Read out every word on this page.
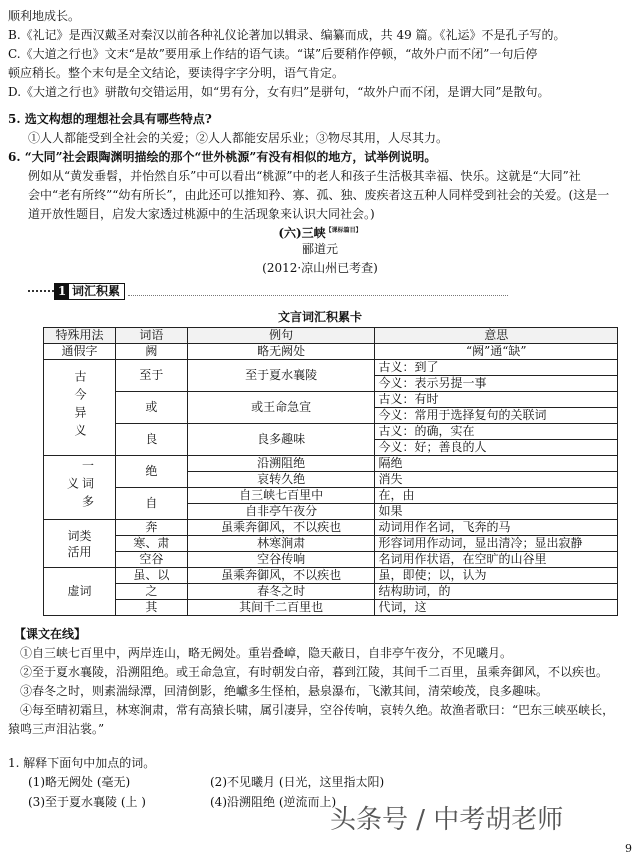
顺利地成长。
B.《礼记》是西汉戴圣对秦汉以前各种礼仪论著加以辑录、编纂而成，共 49 篇。《礼运》不是孔子写的。
C.《大道之行也》文末“是故”要用承上作结的语气读。“谋”后要稍作停顿，“故外户而不闭”一句后停
顿应稍长。整个末句是全文结论，要读得字字分明，语气肯定。
D.《大道之行也》骈散句交错运用，如“男有分，女有归”是骈句，“故外户而不闭，是谓大同”是散句。
5. 选文构想的理想社会具有哪些特点?
①人人都能受到全社会的关爱；②人人都能安居乐业；③物尽其用，人尽其力。
6. “大同”社会跟陶渊明描绘的那个“世外桃源”有没有相似的地方，试举例说明。
例如从“黄发垂髫，并怡然自乐”中可以看出“桃源”中的老人和孩子生活极其幸福、快乐。这就是“大同”社
会中“老有所终”“幼有所长”，由此还可以推知矜、寡、孤、独、废疾者这五种人同样受到社会的关爱。(这是一
道开放性题目，启发大家透过桃源中的生活现象来认识大同社会。)
(六)三峡$^{【课标篇目】}$
郦道元
(2012·凉山州已考查)
1 词汇积累
文言词汇积累卡
特殊用法	词语	例句	意思
通假字	阙	略无阙处	“阙”通“缺”
古今异义	至于	至于夏水襄陵	古义：到了
			今义：表示另提一事
	或	或王命急宣	古义：有时
			今义：常用于选择复句的关联词
	良	良多趣味	古义：的确，实在
			今义：好；善良的人
一词多义	绝	沿溯阻绝	隔绝
		哀转久绝	消失
	自	自三峡七百里中	在，由
		自非亭午夜分	如果
词类活用	奔	虽乘奔御风，不以疾也	动词用作名词，飞奔的马
	寒、肃	林寒涧肃	形容词用作动词，显出清冷；显出寂静
	空谷	空谷传响	名词用作状语，在空旷的山谷里
虚词	虽、以	虽乘奔御风，不以疾也	虽，即使；以，认为
	之	春冬之时	结构助词，的
	其	其间千二百里也	代词，这
【课文在线】
①自三峡七百里中，两岸连山，略无阙处。重岩叠嶂，隐天蔽日，自非亭午夜分，不见曦月。
②至于夏水襄陵，沿溯阻绝。或王命急宣，有时朝发白帝，暮到江陵，其间千二百里，虽乘奔御风，不以疾也。
③春冬之时，则素湍绿潭，回清倒影，绝巘多生怪柏，悬泉瀑布，飞漱其间，清荣峻茂，良多趣味。
④每至晴初霜旦，林寒涧肃，常有高猿长啸，属引凄异，空谷传响，哀转久绝。故渔者歌曰：“巴东三峡巫峡长，
猿鸣三声泪沾裳。”
1. 解释下面句中加点的词。
(1)略无阙处 (毫无)	(2)不见曦月 (日光，这里指太阳)
(3)至于夏水襄陵 (上 )	(4)沿溯阻绝 (逆流而上)
头条号 / 中考胡老师
9
